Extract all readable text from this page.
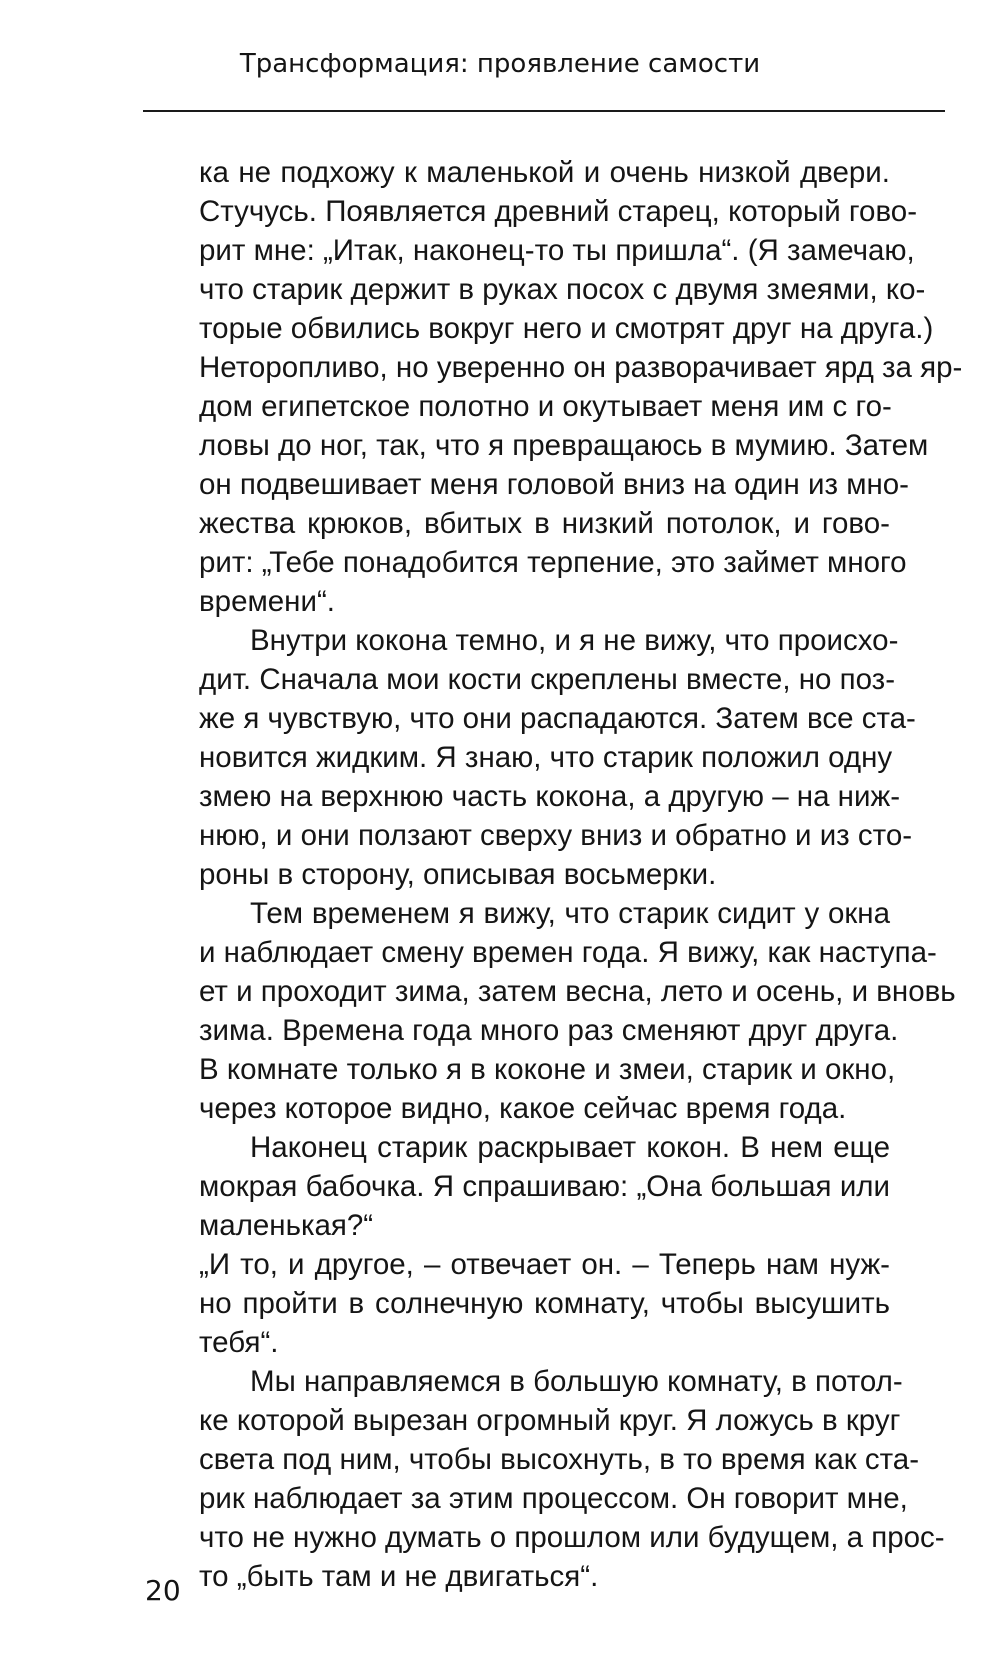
Трансформация: проявление самости
ка не подхожу к маленькой и очень низкой двери.
Стучусь. Появляется древний старец, который гово-
рит мне: „Итак, наконец-то ты пришла“. (Я замечаю,
что старик держит в руках посох с двумя змеями, ко-
торые обвились вокруг него и смотрят друг на друга.)
Неторопливо, но уверенно он разворачивает ярд за яр-
дом египетское полотно и окутывает меня им с го-
ловы до ног, так, что я превращаюсь в мумию. Затем
он подвешивает меня головой вниз на один из мно-
жества крюков, вбитых в низкий потолок, и гово-
рит: „Тебе понадобится терпение, это займет много
времени“.
Внутри кокона темно, и я не вижу, что происхо-
дит. Сначала мои кости скреплены вместе, но поз-
же я чувствую, что они распадаются. Затем все ста-
новится жидким. Я знаю, что старик положил одну
змею на верхнюю часть кокона, а другую – на ниж-
нюю, и они ползают сверху вниз и обратно и из сто-
роны в сторону, описывая восьмерки.
Тем временем я вижу, что старик сидит у окна
и наблюдает смену времен года. Я вижу, как наступа-
ет и проходит зима, затем весна, лето и осень, и вновь
зима. Времена года много раз сменяют друг друга.
В комнате только я в коконе и змеи, старик и окно,
через которое видно, какое сейчас время года.
Наконец старик раскрывает кокон. В нем еще
мокрая бабочка. Я спрашиваю: „Она большая или
маленькая?“
„И то, и другое, – отвечает он. – Теперь нам нуж-
но пройти в солнечную комнату, чтобы высушить
тебя“.
Мы направляемся в большую комнату, в потол-
ке которой вырезан огромный круг. Я ложусь в круг
света под ним, чтобы высохнуть, в то время как ста-
рик наблюдает за этим процессом. Он говорит мне,
что не нужно думать о прошлом или будущем, а прос-
то „быть там и не двигаться“.
20
